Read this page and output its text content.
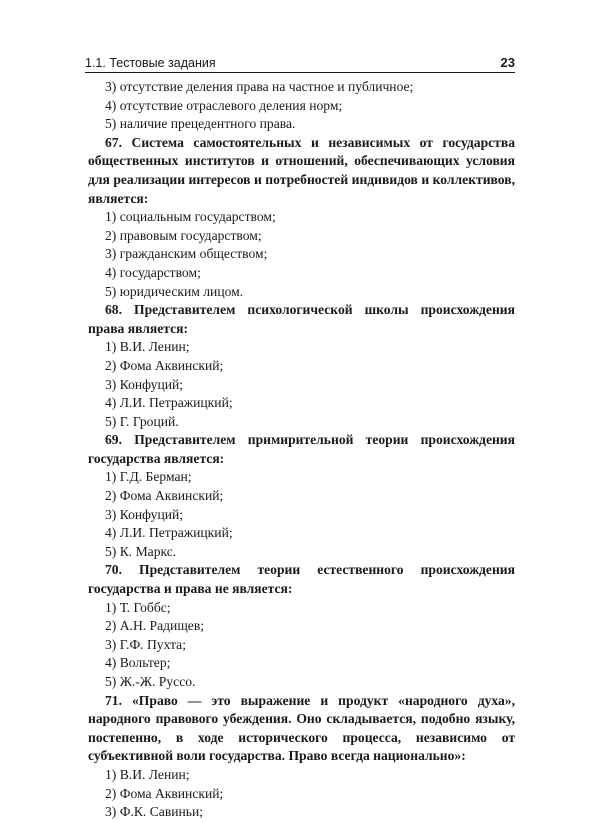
1.1. Тестовые задания	23

3) отсутствие деления права на частное и публичное;

4) отсутствие отраслевого деления норм;

5) наличие прецедентного права.

67. Система самостоятельных и независимых от государства общественных институтов и отношений, обеспечивающих условия для реализации интересов и потребностей индивидов и коллективов, является:

1) социальным государством;

2) правовым государством;

3) гражданским обществом;

4) государством;

5) юридическим лицом.

68. Представителем психологической школы происхождения права является:

1) В.И. Ленин;

2) Фома Аквинский;

3) Конфуций;

4) Л.И. Петражицкий;

5) Г. Гроций.

69. Представителем примирительной теории происхождения государства является:

1) Г.Д. Берман;

2) Фома Аквинский;

3) Конфуций;

4) Л.И. Петражицкий;

5) К. Маркс.

70. Представителем теории естественного происхождения государства и права не является:

1) Т. Гоббс;

2) А.Н. Радищев;

3) Г.Ф. Пухта;

4) Вольтер;

5) Ж.-Ж. Руссо.

71. «Право — это выражение и продукт «народного духа», народного правового убеждения. Оно складывается, подобно языку, постепенно, в ходе исторического процесса, независимо от субъективной воли государства. Право всегда национально»:

1) В.И. Ленин;

2) Фома Аквинский;

3) Ф.К. Савиньи;
